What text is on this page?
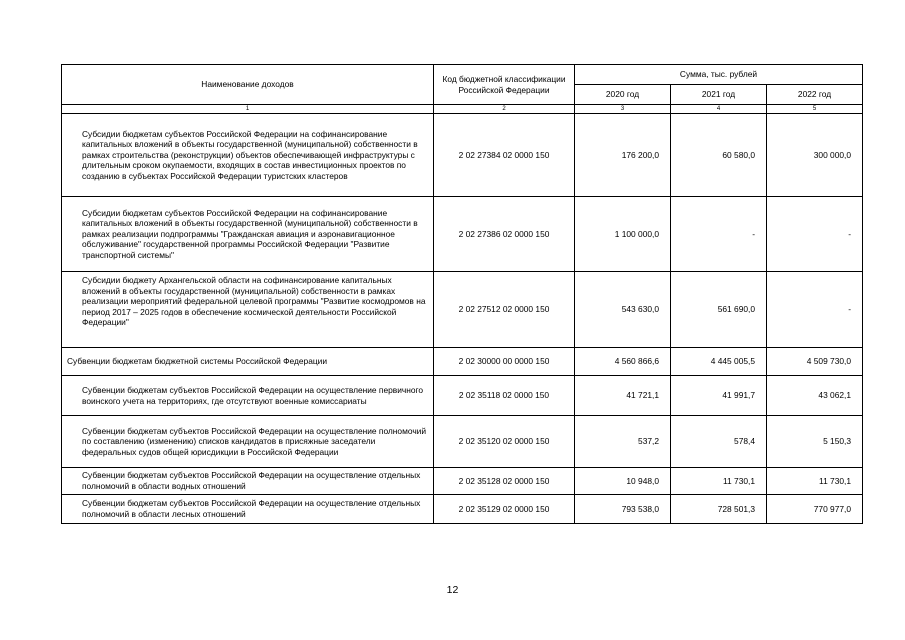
Наименование доходов	Код бюджетной классификации Российской Федерации	Сумма, тыс. рублей		
		2020 год	2021 год	2022 год
1	2	3	4	5
Субсидии бюджетам субъектов Российской Федерации на софинансирование капитальных вложений в объекты государственной (муниципальной) собственности в рамках строительства (реконструкции) объектов обеспечивающей инфраструктуры с длительным сроком окупаемости, входящих в состав инвестиционных проектов по созданию в субъектах Российской Федерации туристских кластеров	2 02 27384 02 0000 150	176 200,0	60 580,0	300 000,0
Субсидии бюджетам субъектов Российской Федерации на софинансирование капитальных вложений в объекты государственной (муниципальной) собственности в рамках реализации подпрограммы "Гражданская авиация и аэронавигационное обслуживание" государственной программы Российской Федерации "Развитие транспортной системы"	2 02 27386 02 0000 150	1 100 000,0	-	-
Субсидии бюджету Архангельской области на софинансирование капитальных вложений в объекты государственной (муниципальной) собственности в рамках реализации мероприятий федеральной целевой программы "Развитие космодромов на период 2017 – 2025 годов в обеспечение космической деятельности Российской Федерации"	2 02 27512 02 0000 150	543 630,0	561 690,0	-
Субвенции бюджетам бюджетной системы Российской Федерации	2 02 30000 00 0000 150	4 560 866,6	4 445 005,5	4 509 730,0
Субвенции бюджетам субъектов Российской Федерации на осуществление первичного воинского учета на территориях, где отсутствуют военные комиссариаты	2 02 35118 02 0000 150	41 721,1	41 991,7	43 062,1
Субвенции бюджетам субъектов Российской Федерации на осуществление полномочий по составлению (изменению) списков кандидатов в присяжные заседатели федеральных судов общей юрисдикции в Российской Федерации	2 02 35120 02 0000 150	537,2	578,4	5 150,3
Субвенции бюджетам субъектов Российской Федерации на осуществление отдельных полномочий в области водных отношений	2 02 35128 02 0000 150	10 948,0	11 730,1	11 730,1
Субвенции бюджетам субъектов Российской Федерации на осуществление отдельных полномочий в области лесных отношений	2 02 35129 02 0000 150	793 538,0	728 501,3	770 977,0
12
